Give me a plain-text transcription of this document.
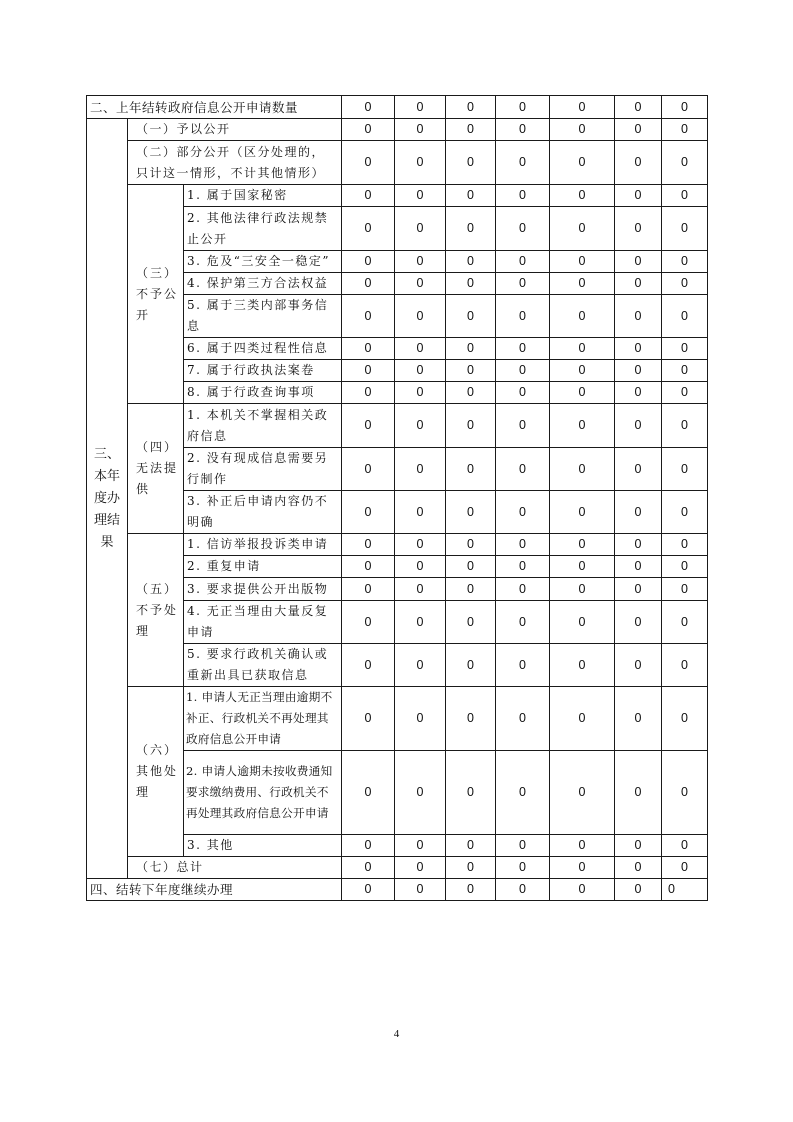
二、上年结转政府信息公开申请数量			0	0	0	0	0	0	0
三、本年度办理结果	（一）予以公开		0	0	0	0	0	0	0
	（二）部分公开（区分处理的，只计这一情形，不计其他情形）		0	0	0	0	0	0	0
	（三）不予公开	1. 属于国家秘密	0	0	0	0	0	0	0
		2. 其他法律行政法规禁止公开	0	0	0	0	0	0	0
		3. 危及“三安全一稳定”	0	0	0	0	0	0	0
		4. 保护第三方合法权益	0	0	0	0	0	0	0
		5. 属于三类内部事务信息	0	0	0	0	0	0	0
		6. 属于四类过程性信息	0	0	0	0	0	0	0
		7. 属于行政执法案卷	0	0	0	0	0	0	0
		8. 属于行政查询事项	0	0	0	0	0	0	0
	（四）无法提供	1. 本机关不掌握相关政府信息	0	0	0	0	0	0	0
		2. 没有现成信息需要另行制作	0	0	0	0	0	0	0
		3. 补正后申请内容仍不明确	0	0	0	0	0	0	0
	（五）不予处理	1. 信访举报投诉类申请	0	0	0	0	0	0	0
		2. 重复申请	0	0	0	0	0	0	0
		3. 要求提供公开出版物	0	0	0	0	0	0	0
		4. 无正当理由大量反复申请	0	0	0	0	0	0	0
		5. 要求行政机关确认或重新出具已获取信息	0	0	0	0	0	0	0
	（六）其他处理	1. 申请人无正当理由逾期不补正、行政机关不再处理其政府信息公开申请	0	0	0	0	0	0	0
		2. 申请人逾期未按收费通知要求缴纳费用、行政机关不再处理其政府信息公开申请	0	0	0	0	0	0	0
		3. 其他	0	0	0	0	0	0	0
	（七）总计		0	0	0	0	0	0	0
四、结转下年度继续办理			0	0	0	0	0	0	0
4
